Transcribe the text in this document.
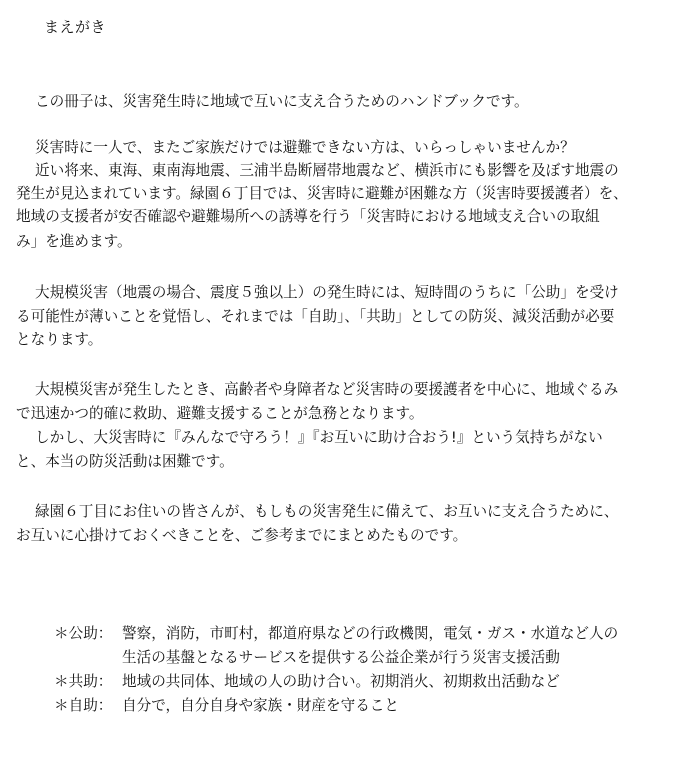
まえがき
この冊子は、災害発生時に地域で互いに支え合うためのハンドブックです。
災害時に一人で、またご家族だけでは避難できない方は、いらっしゃいませんか？
近い将来、東海、東南海地震、三浦半島断層帯地震など、横浜市にも影響を及ぼす地震の
発生が見込まれています。緑園６丁目では、災害時に避難が困難な方（災害時要援護者）を、
地域の支援者が安否確認や避難場所への誘導を行う「災害時における地域支え合いの取組
み」を進めます。
大規模災害（地震の場合、震度５強以上）の発生時には、短時間のうちに「公助」を受け
る可能性が薄いことを覚悟し、それまでは「自助」、「共助」としての防災、減災活動が必要
となります。
大規模災害が発生したとき、高齢者や身障者など災害時の要援護者を中心に、地域ぐるみ
で迅速かつ的確に救助、避難支援することが急務となります。
しかし、大災害時に『みんなで守ろう！』『お互いに助け合おう!』という気持ちがない
と、本当の防災活動は困難です。
緑園６丁目にお住いの皆さんが、もしもの災害発生に備えて、お互いに支え合うために、
お互いに心掛けておくべきことを、ご参考までにまとめたものです。
＊公助： 警察，消防，市町村，都道府県などの行政機関，電気・ガス・水道など人の
生活の基盤となるサービスを提供する公益企業が行う災害支援活動
＊共助： 地域の共同体、地域の人の助け合い。初期消火、初期救出活動など
＊自助： 自分で，自分自身や家族・財産を守ること
